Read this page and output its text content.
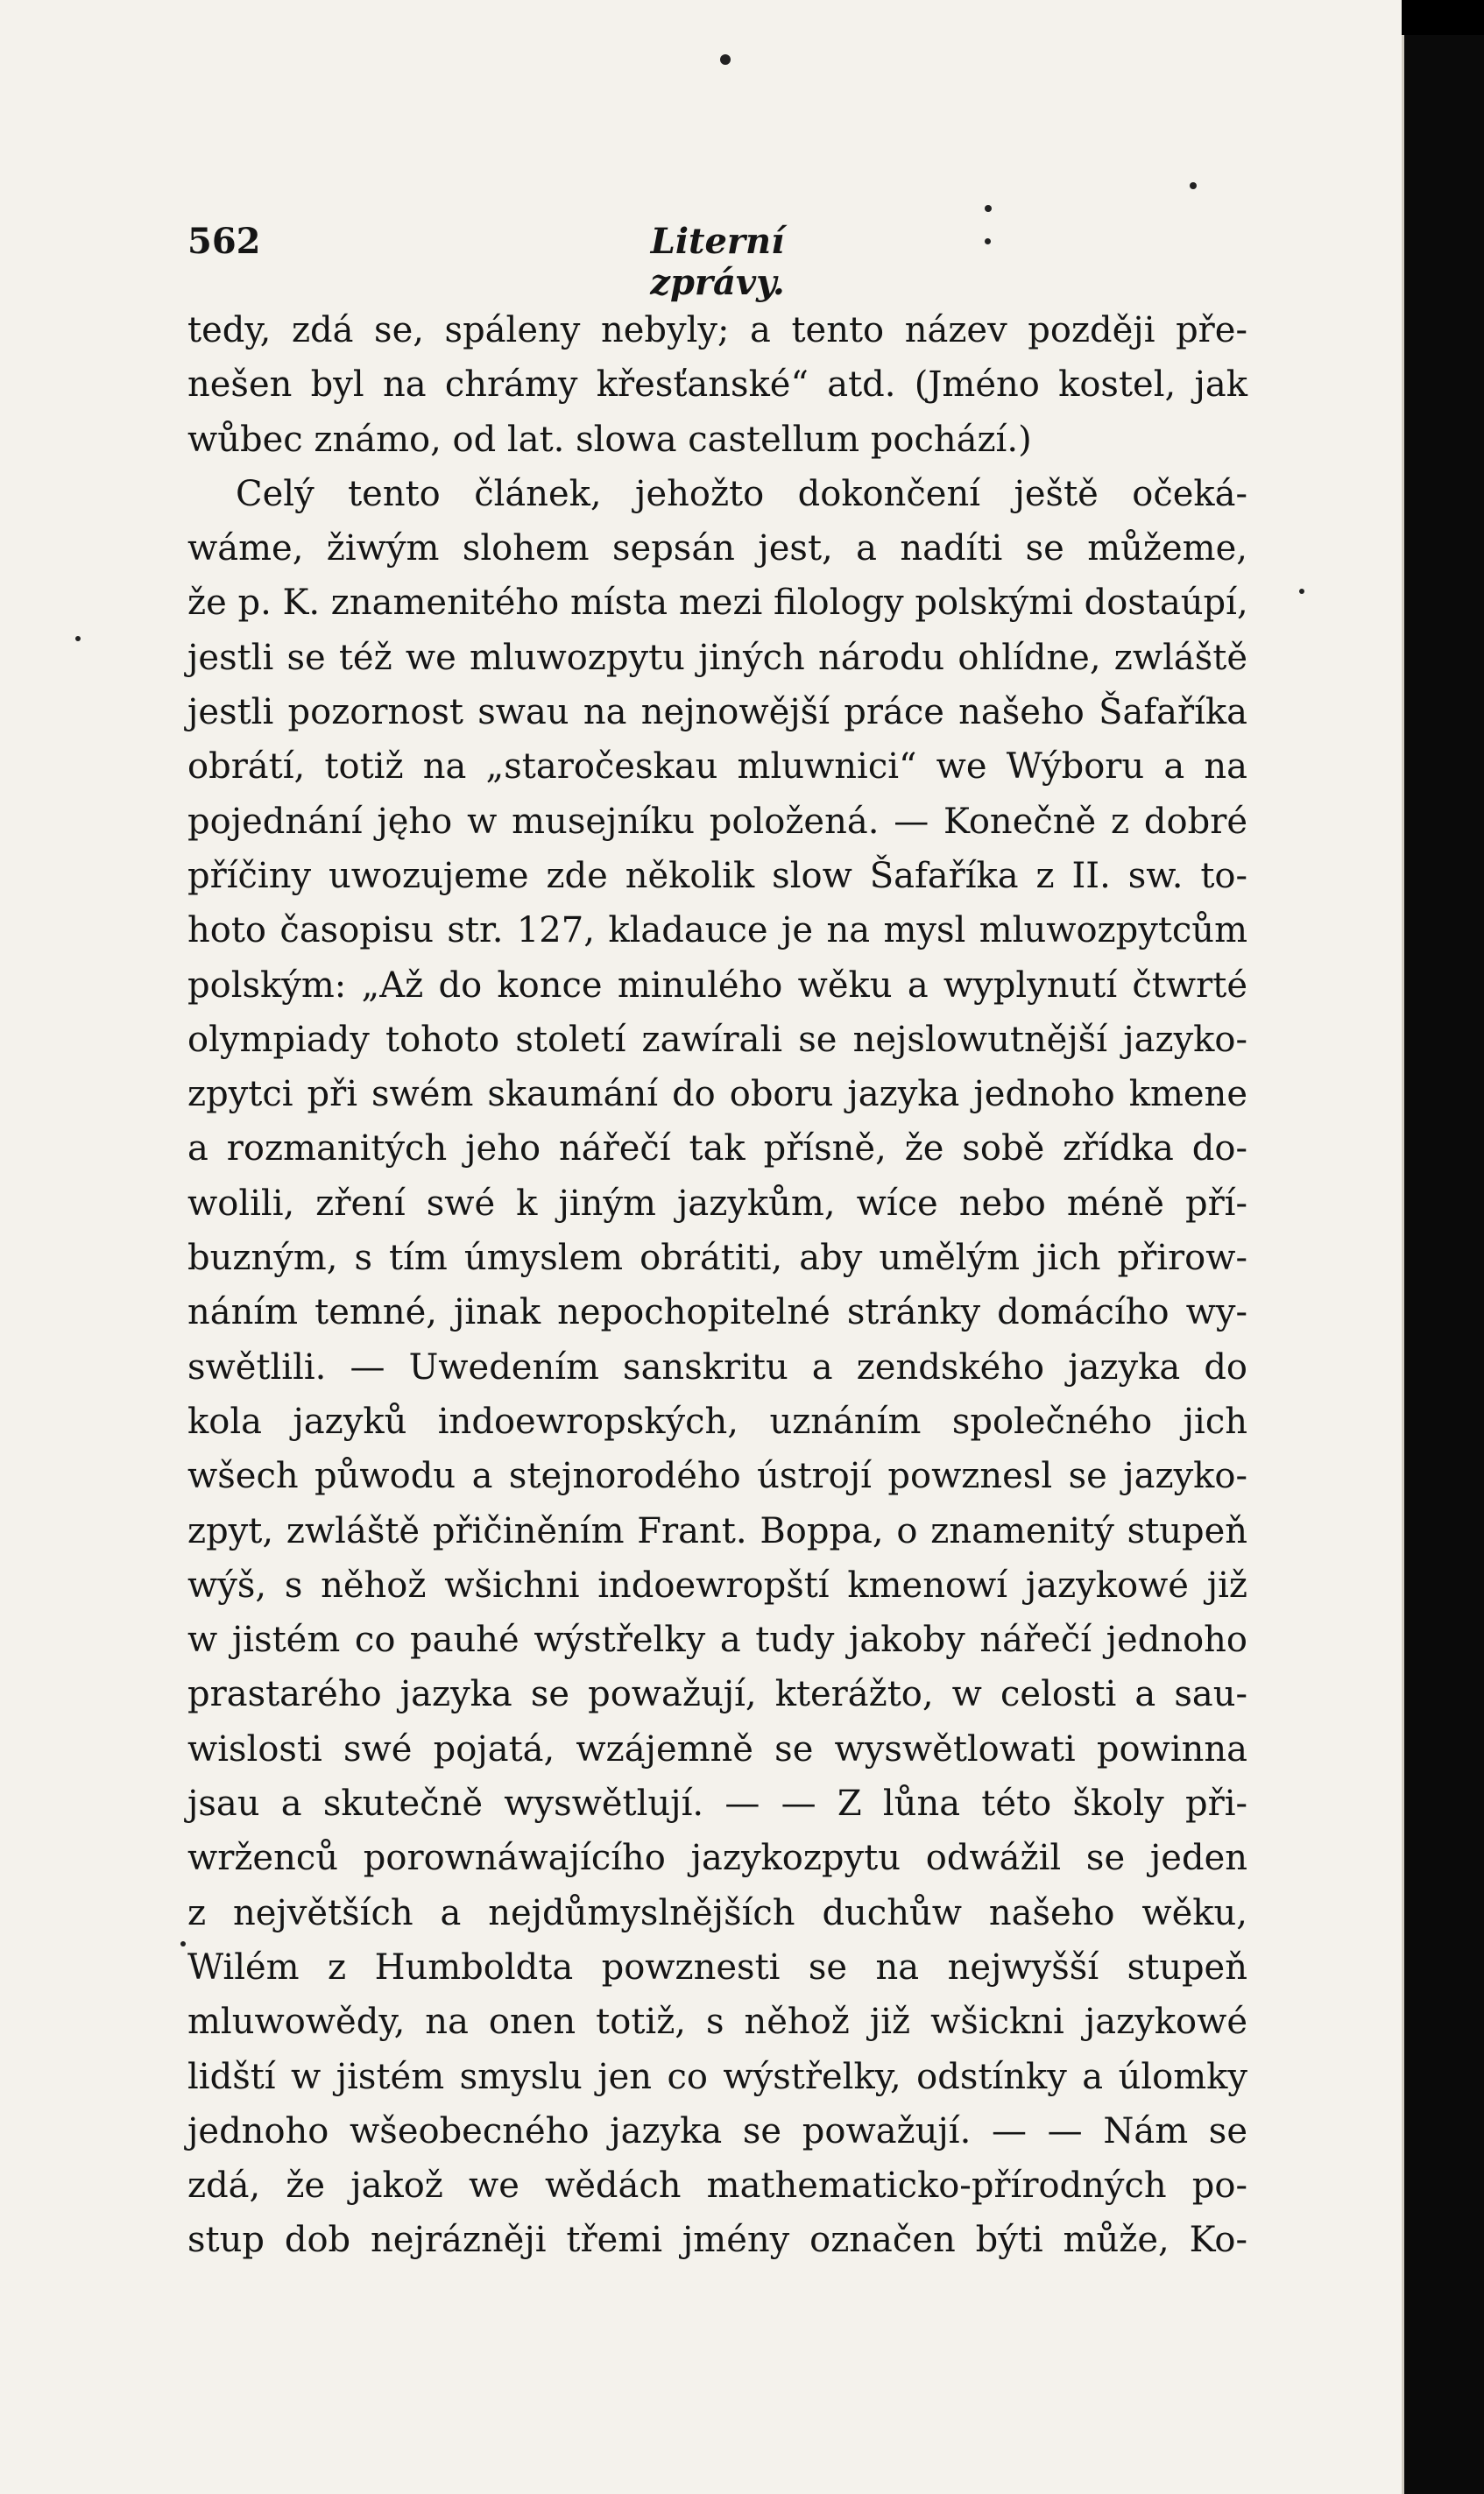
562	Literní zprávy.
tedy, zdá se, spáleny nebyly; a tento název později pře-
nešen byl na chrámy křesťanské“ atd. (Jméno kostel, jak
wůbec známo, od lat. slowa castellum pochází.)
Celý tento článek, jehožto dokončení ještě očeká-
wáme, žiwým slohem sepsán jest, a nadíti se můžeme,
že p. K. znamenitého místa mezi filology polskými dostaúpí,
jestli se též we mluwozpytu jiných národu ohlídne, zwláště
jestli pozornost swau na nejnowější práce našeho Šafaříka
obrátí, totiž na „staročeskau mluwnici“ we Wýboru a na
pojednání jęho w musejníku položená. — Konečně z dobré
příčiny uwozujeme zde několik slow Šafaříka z II. sw. to-
hoto časopisu str. 127, kladauce je na mysl mluwozpytcům
polským: „Až do konce minulého wěku a wyplynutí čtwrté
olympiady tohoto století zawírali se nejslowutnější jazyko-
zpytci při swém skaumání do oboru jazyka jednoho kmene
a rozmanitých jeho nářečí tak přísně, že sobě zřídka do-
wolili, zření swé k jiným jazykům, wíce nebo méně pří-
buzným, s tím úmyslem obrátiti, aby umělým jich přirow-
náním temné, jinak nepochopitelné stránky domácího wy-
swětlili. — Uwedením sanskritu a zendského jazyka do
kola jazyků indoewropských, uznáním společného jich
wšech půwodu a stejnorodého ústrojí powznesl se jazyko-
zpyt, zwláště přičiněním Frant. Boppa, o znamenitý stupeň
wýš, s něhož wšichni indoewropští kmenowí jazykowé již
w jistém co pauhé wýstřelky a tudy jakoby nářečí jednoho
prastarého jazyka se powažují, kterážto, w celosti a sau-
wislosti swé pojatá, wzájemně se wyswětlowati powinna
jsau a skutečně wyswětlují. — — Z lůna této školy při-
wrženců porownáwajícího jazykozpytu odwážil se jeden
z největších a nejdůmyslnějších duchůw našeho wěku,
Wilém z Humboldta powznesti se na nejwyšší stupeň
mluwowědy, na onen totiž, s něhož již wšickni jazykowé
lidští w jistém smyslu jen co wýstřelky, odstínky a úlomky
jednoho wšeobecného jazyka se powažují. — — Nám se
zdá, že jakož we wědách mathematicko-přírodných po-
stup dob nejrázněji třemi jmény označen býti může, Ko-
